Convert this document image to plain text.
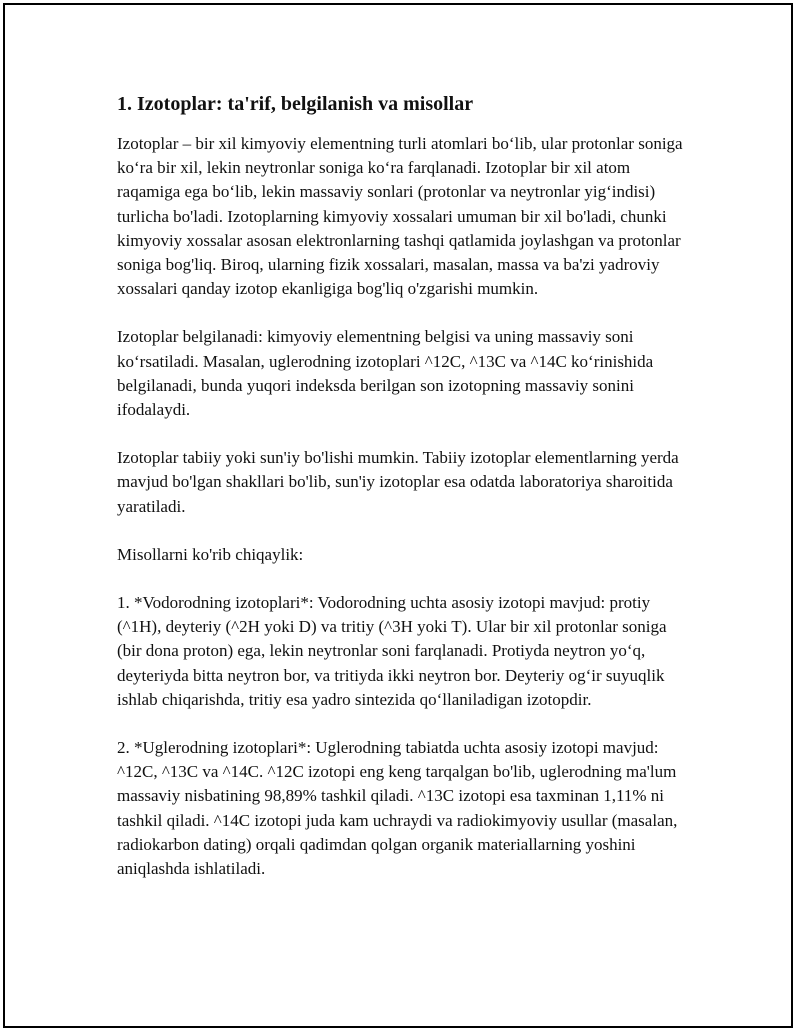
1. Izotoplar: ta'rif, belgilanish va misollar

Izotoplar – bir xil kimyoviy elementning turli atomlari bo‘lib, ular protonlar soniga ko‘ra bir xil, lekin neytronlar soniga ko‘ra farqlanadi. Izotoplar bir xil atom raqamiga ega bo‘lib, lekin massaviy sonlari (protonlar va neytronlar yig‘indisi) turlicha bo'ladi. Izotoplarning kimyoviy xossalari umuman bir xil bo'ladi, chunki kimyoviy xossalar asosan elektronlarning tashqi qatlamida joylashgan va protonlar soniga bog'liq. Biroq, ularning fizik xossalari, masalan, massa va ba'zi yadroviy xossalari qanday izotop ekanligiga bog'liq o'zgarishi mumkin.

Izotoplar belgilanadi: kimyoviy elementning belgisi va uning massaviy soni ko‘rsatiladi. Masalan, uglerodning izotoplari ^12C, ^13C va ^14C ko‘rinishida belgilanadi, bunda yuqori indeksda berilgan son izotopning massaviy sonini ifodalaydi.

Izotoplar tabiiy yoki sun'iy bo'lishi mumkin. Tabiiy izotoplar elementlarning yerda mavjud bo'lgan shakllari bo'lib, sun'iy izotoplar esa odatda laboratoriya sharoitida yaratiladi.

Misollarni ko'rib chiqaylik:

1. *Vodorodning izotoplari*: Vodorodning uchta asosiy izotopi mavjud: protiy (^1H), deyteriy (^2H yoki D) va tritiy (^3H yoki T). Ular bir xil protonlar soniga (bir dona proton) ega, lekin neytronlar soni farqlanadi. Protiyda neytron yo‘q, deyteriyda bitta neytron bor, va tritiyda ikki neytron bor. Deyteriy og‘ir suyuqlik ishlab chiqarishda, tritiy esa yadro sintezida qo‘llaniladigan izotopdir.

2. *Uglerodning izotoplari*: Uglerodning tabiatda uchta asosiy izotopi mavjud: ^12C, ^13C va ^14C. ^12C izotopi eng keng tarqalgan bo'lib, uglerodning ma'lum massaviy nisbatining 98,89% tashkil qiladi. ^13C izotopi esa taxminan 1,11% ni tashkil qiladi. ^14C izotopi juda kam uchraydi va radiokimyoviy usullar (masalan, radiokarbon dating) orqali qadimdan qolgan organik materiallarning yoshini aniqlashda ishlatiladi.
